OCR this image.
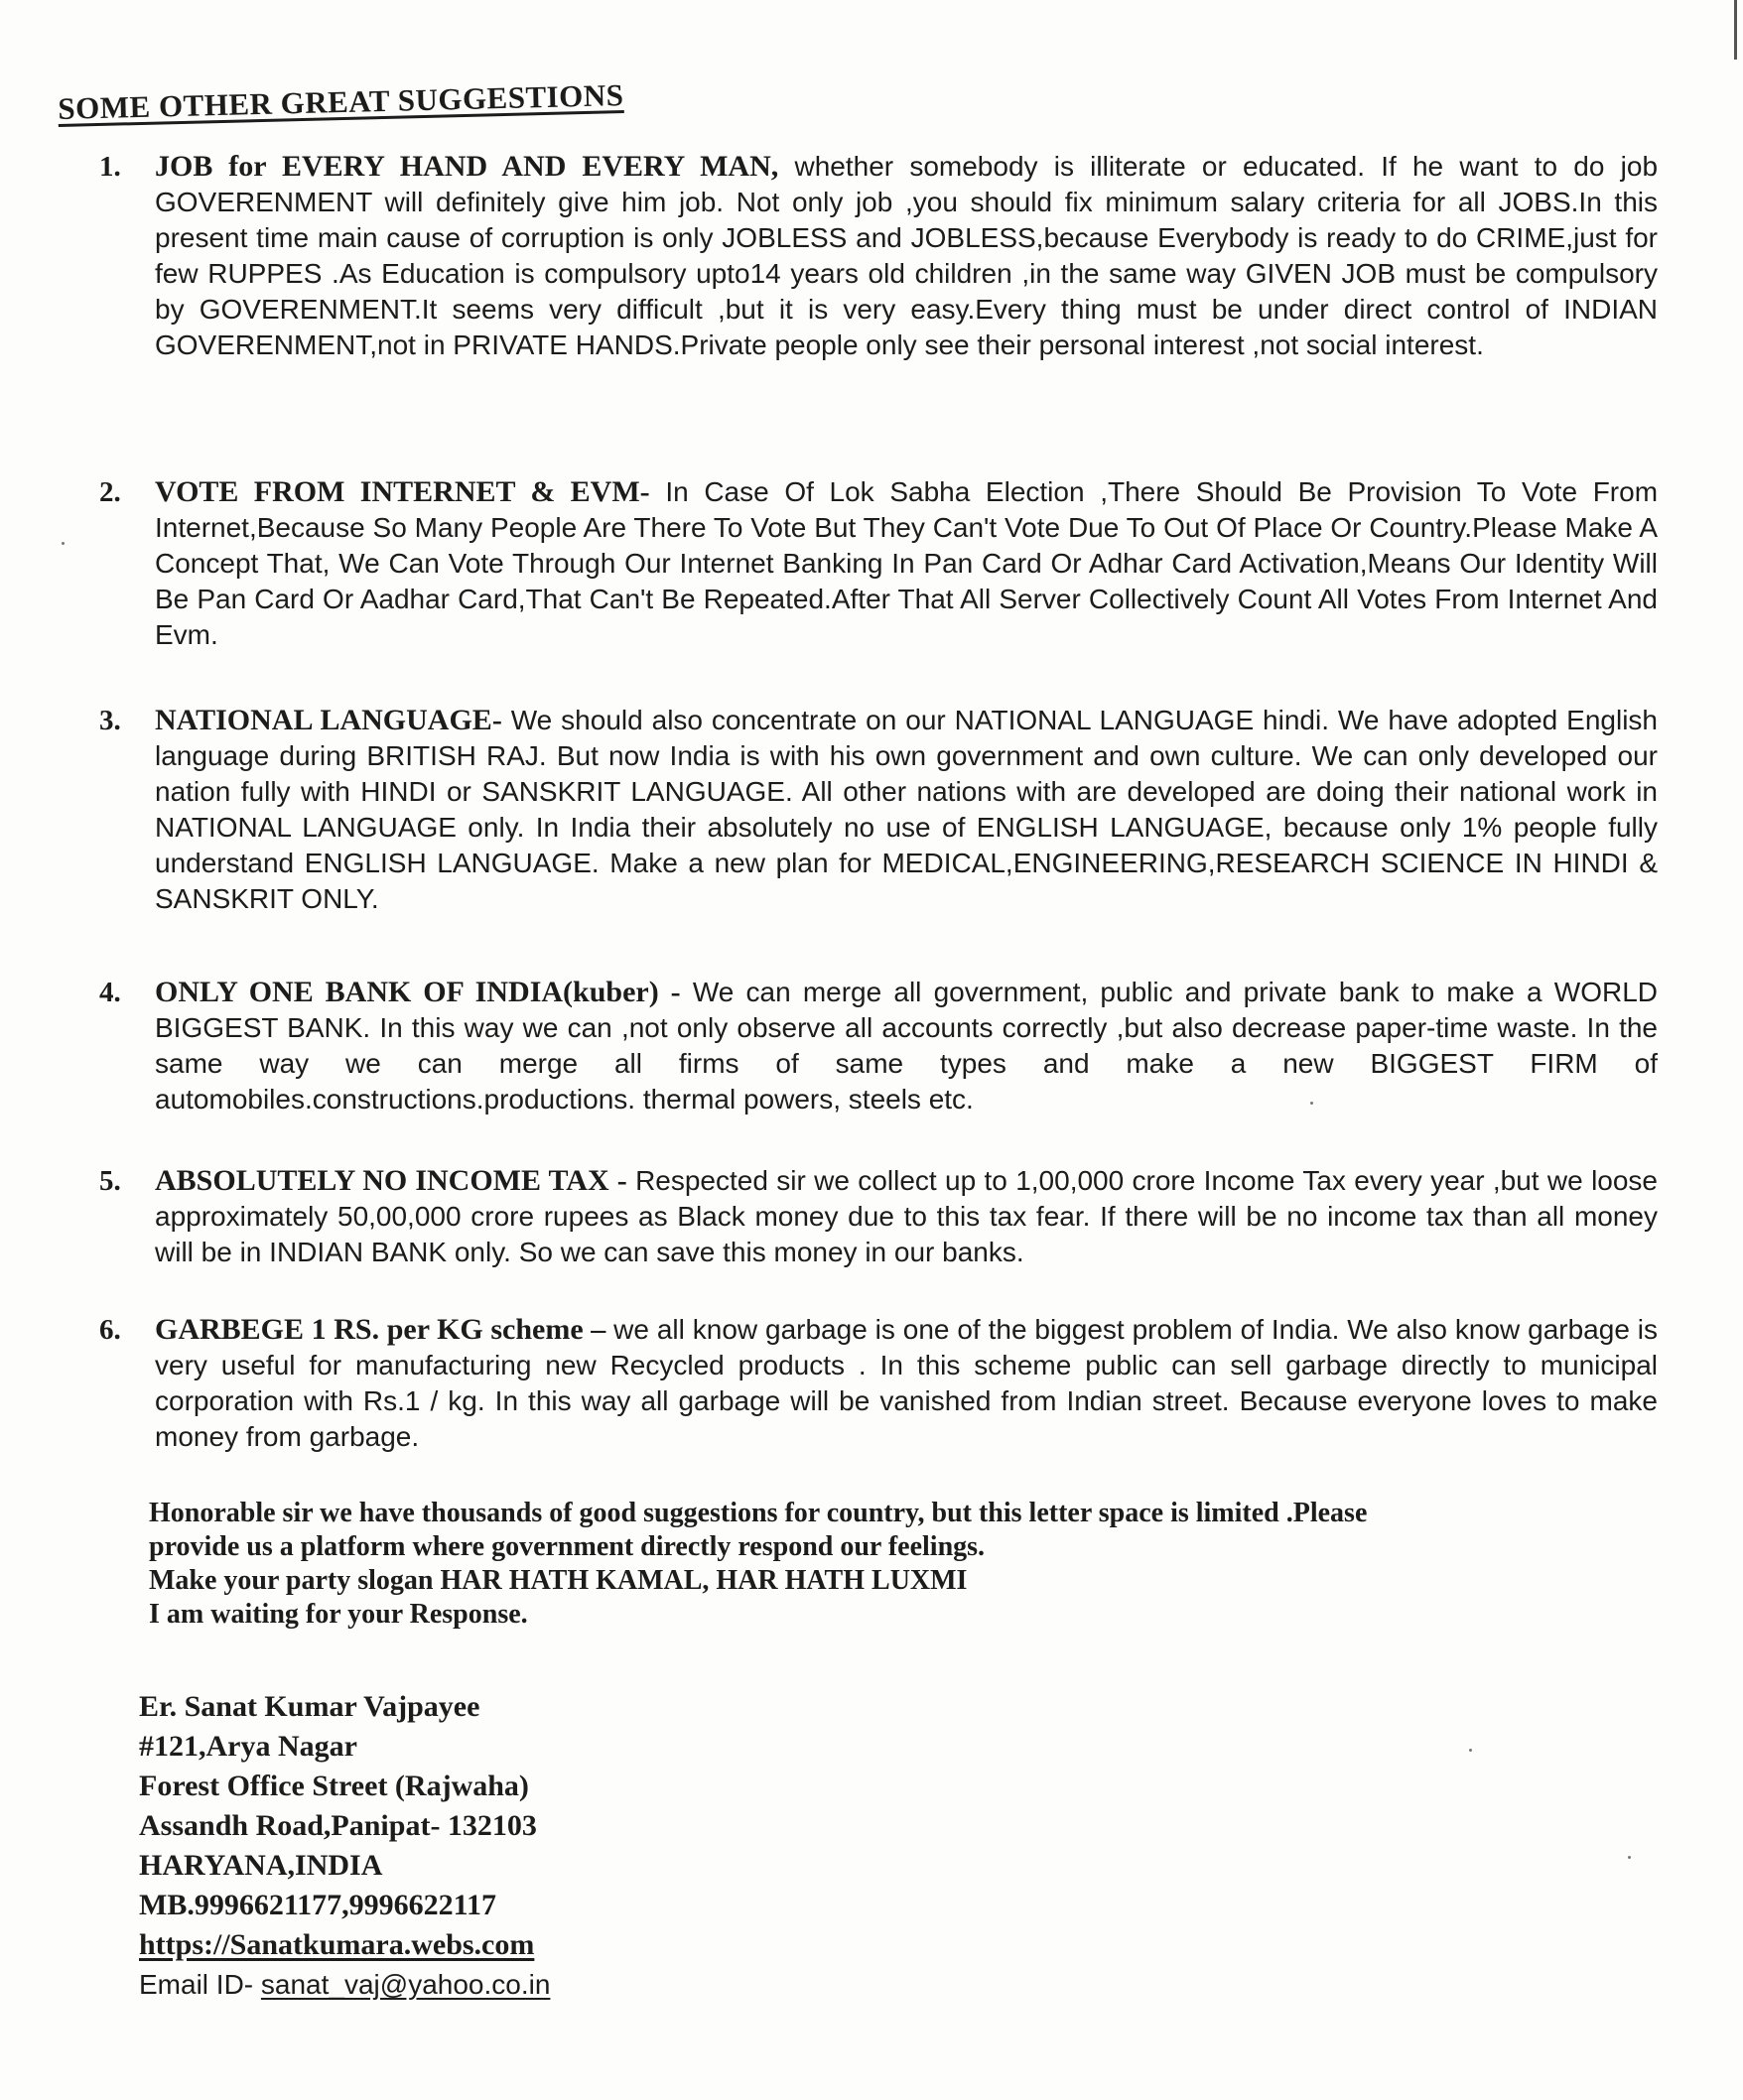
SOME OTHER GREAT SUGGESTIONS
1. JOB for EVERY HAND AND EVERY MAN, whether somebody is illiterate or educated. If he want to do job GOVERENMENT will definitely give him job. Not only job ,you should fix minimum salary criteria for all JOBS.In this present time main cause of corruption is only JOBLESS and JOBLESS,because Everybody is ready to do CRIME,just for few RUPPES .As Education is compulsory upto14 years old children ,in the same way GIVEN JOB must be compulsory by GOVERENMENT.It seems very difficult ,but it is very easy.Every thing must be under direct control of INDIAN GOVERENMENT,not in PRIVATE HANDS.Private people only see their personal interest ,not social interest.
2. VOTE FROM INTERNET & EVM- In Case Of Lok Sabha Election ,There Should Be Provision To Vote From Internet,Because So Many People Are There To Vote But They Can't Vote Due To Out Of Place Or Country.Please Make A Concept That, We Can Vote Through Our Internet Banking In Pan Card Or Adhar Card Activation,Means Our Identity Will Be Pan Card Or Aadhar Card,That Can't Be Repeated.After That All Server Collectively Count All Votes From Internet And Evm.
3. NATIONAL LANGUAGE- We should also concentrate on our NATIONAL LANGUAGE hindi. We have adopted English language during BRITISH RAJ. But now India is with his own government and own culture. We can only developed our nation fully with HINDI or SANSKRIT LANGUAGE. All other nations with are developed are doing their national work in NATIONAL LANGUAGE only. In India their absolutely no use of ENGLISH LANGUAGE, because only 1% people fully understand ENGLISH LANGUAGE. Make a new plan for MEDICAL,ENGINEERING,RESEARCH SCIENCE IN HINDI & SANSKRIT ONLY.
4. ONLY ONE BANK OF INDIA(kuber) - We can merge all government, public and private bank to make a WORLD BIGGEST BANK. In this way we can ,not only observe all accounts correctly ,but also decrease paper-time waste. In the same way we can merge all firms of same types and make a new BIGGEST FIRM of automobiles.constructions.productions. thermal powers, steels etc.
5. ABSOLUTELY NO INCOME TAX - Respected sir we collect up to 1,00,000 crore Income Tax every year ,but we loose approximately 50,00,000 crore rupees as Black money due to this tax fear. If there will be no income tax than all money will be in INDIAN BANK only. So we can save this money in our banks.
6. GARBEGE 1 RS. per KG scheme – we all know garbage is one of the biggest problem of India. We also know garbage is very useful for manufacturing new Recycled products . In this scheme public can sell garbage directly to municipal corporation with Rs.1 / kg. In this way all garbage will be vanished from Indian street. Because everyone loves to make money from garbage.
Honorable sir we have thousands of good suggestions for country, but this letter space is limited .Please
provide us a platform where government directly respond our feelings.
Make your party slogan HAR HATH KAMAL, HAR HATH LUXMI
I am waiting for your Response.
Er. Sanat Kumar Vajpayee
#121,Arya Nagar
Forest Office Street (Rajwaha)
Assandh Road,Panipat- 132103
HARYANA,INDIA
MB.9996621177,9996622117
https://Sanatkumara.webs.com
Email ID- sanat_vaj@yahoo.co.in
